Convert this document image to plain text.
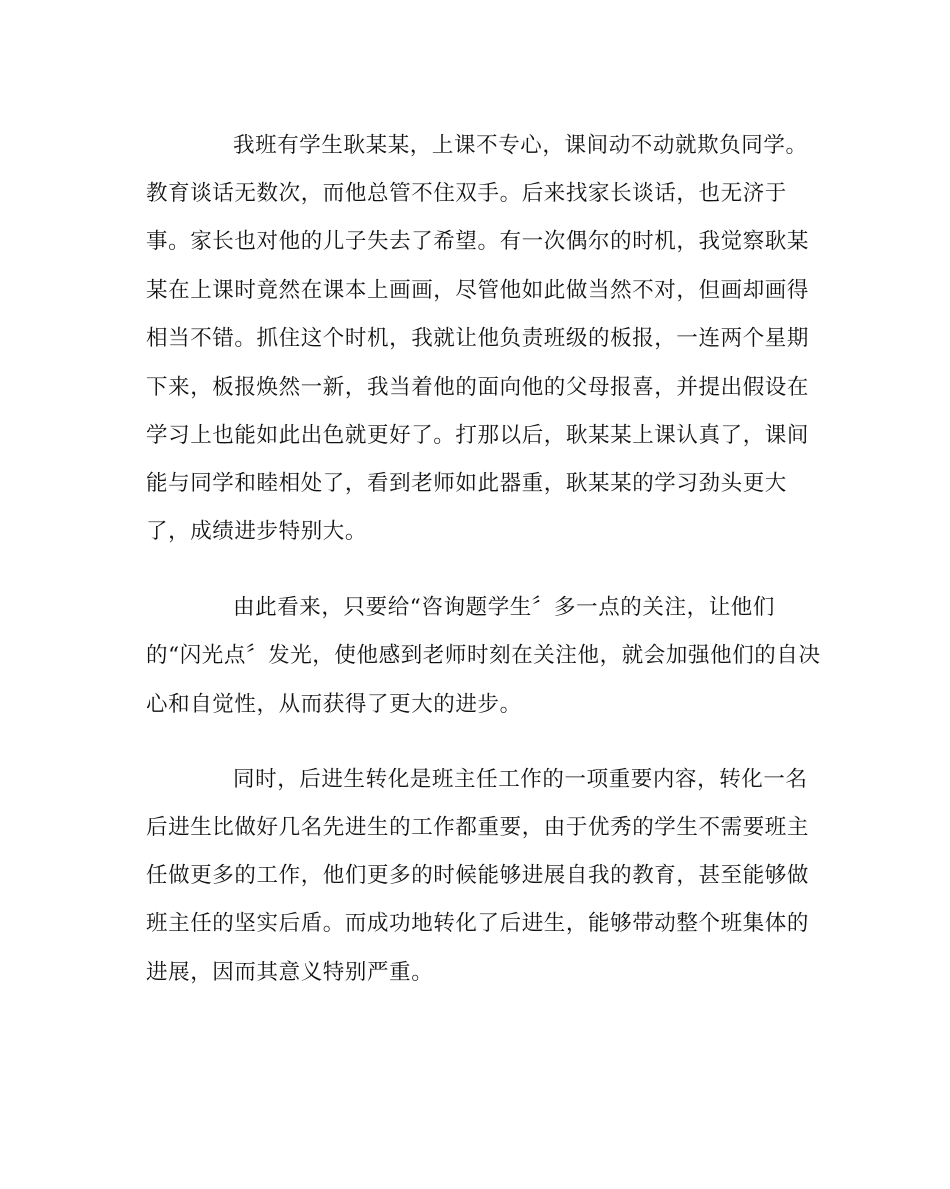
我班有学生耿某某，上课不专心，课间动不动就欺负同学。
教育谈话无数次，而他总管不住双手。后来找家长谈话，也无济于
事。家长也对他的儿子失去了希望。有一次偶尔的时机，我觉察耿某
某在上课时竟然在课本上画画，尽管他如此做当然不对，但画却画得
相当不错。抓住这个时机，我就让他负责班级的板报，一连两个星期
下来，板报焕然一新，我当着他的面向他的父母报喜，并提出假设在
学习上也能如此出色就更好了。打那以后，耿某某上课认真了，课间
能与同学和睦相处了，看到老师如此器重，耿某某的学习劲头更大
了，成绩进步特别大。
由此看来，只要给“咨询题学生〞多一点的关注，让他们
的“闪光点〞发光，使他感到老师时刻在关注他，就会加强他们的自决
心和自觉性，从而获得了更大的进步。
同时，后进生转化是班主任工作的一项重要内容，转化一名
后进生比做好几名先进生的工作都重要，由于优秀的学生不需要班主
任做更多的工作，他们更多的时候能够进展自我的教育，甚至能够做
班主任的坚实后盾。而成功地转化了后进生，能够带动整个班集体的
进展，因而其意义特别严重。
